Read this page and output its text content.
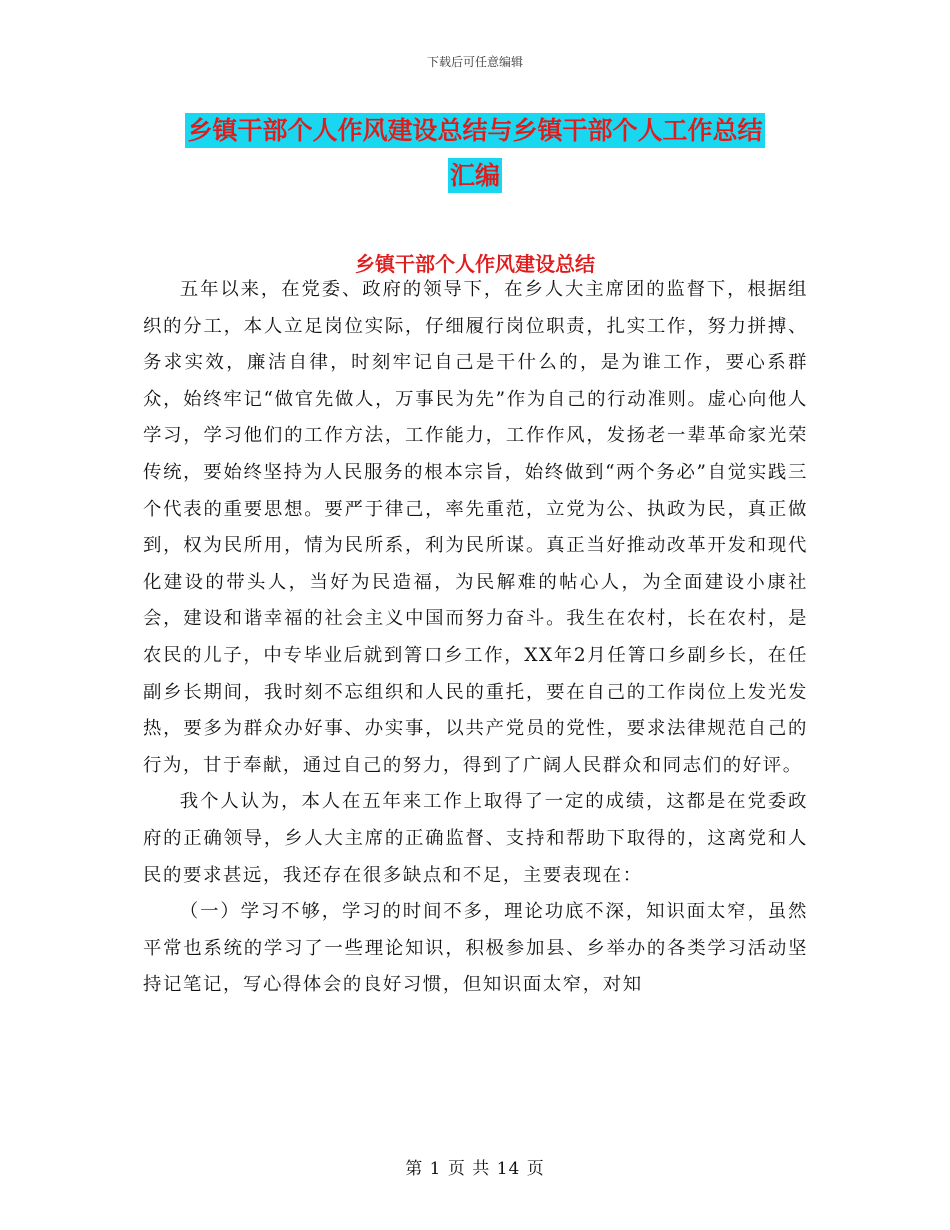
下载后可任意编辑
乡镇干部个人作风建设总结与乡镇干部个人工作总结
汇编
乡镇干部个人作风建设总结

五年以来，在党委、政府的领导下，在乡人大主席团的监督下，根据组织的分工，本人立足岗位实际，仔细履行岗位职责，扎实工作，努力拼搏、务求实效，廉洁自律，时刻牢记自己是干什么的，是为谁工作，要心系群众，始终牢记“做官先做人，万事民为先”作为自己的行动准则。虚心向他人学习，学习他们的工作方法，工作能力，工作作风，发扬老一辈革命家光荣传统，要始终坚持为人民服务的根本宗旨，始终做到“两个务必”自觉实践三个代表的重要思想。要严于律己，率先重范，立党为公、执政为民，真正做到，权为民所用，情为民所系，利为民所谋。真正当好推动改革开发和现代化建设的带头人，当好为民造福，为民解难的帖心人，为全面建设小康社会，建设和谐幸福的社会主义中国而努力奋斗。我生在农村，长在农村，是农民的儿子，中专毕业后就到箐口乡工作，XX年2月任箐口乡副乡长，在任副乡长期间，我时刻不忘组织和人民的重托，要在自己的工作岗位上发光发热，要多为群众办好事、办实事，以共产党员的党性，要求法律规范自己的行为，甘于奉献，通过自己的努力，得到了广阔人民群众和同志们的好评。

我个人认为，本人在五年来工作上取得了一定的成绩，这都是在党委政府的正确领导，乡人大主席的正确监督、支持和帮助下取得的，这离党和人民的要求甚远，我还存在很多缺点和不足，主要表现在：

（一）学习不够，学习的时间不多，理论功底不深，知识面太窄，虽然平常也系统的学习了一些理论知识，积极参加县、乡举办的各类学习活动坚持记笔记，写心得体会的良好习惯，但知识面太窄，对知

第 1 页 共 14 页
